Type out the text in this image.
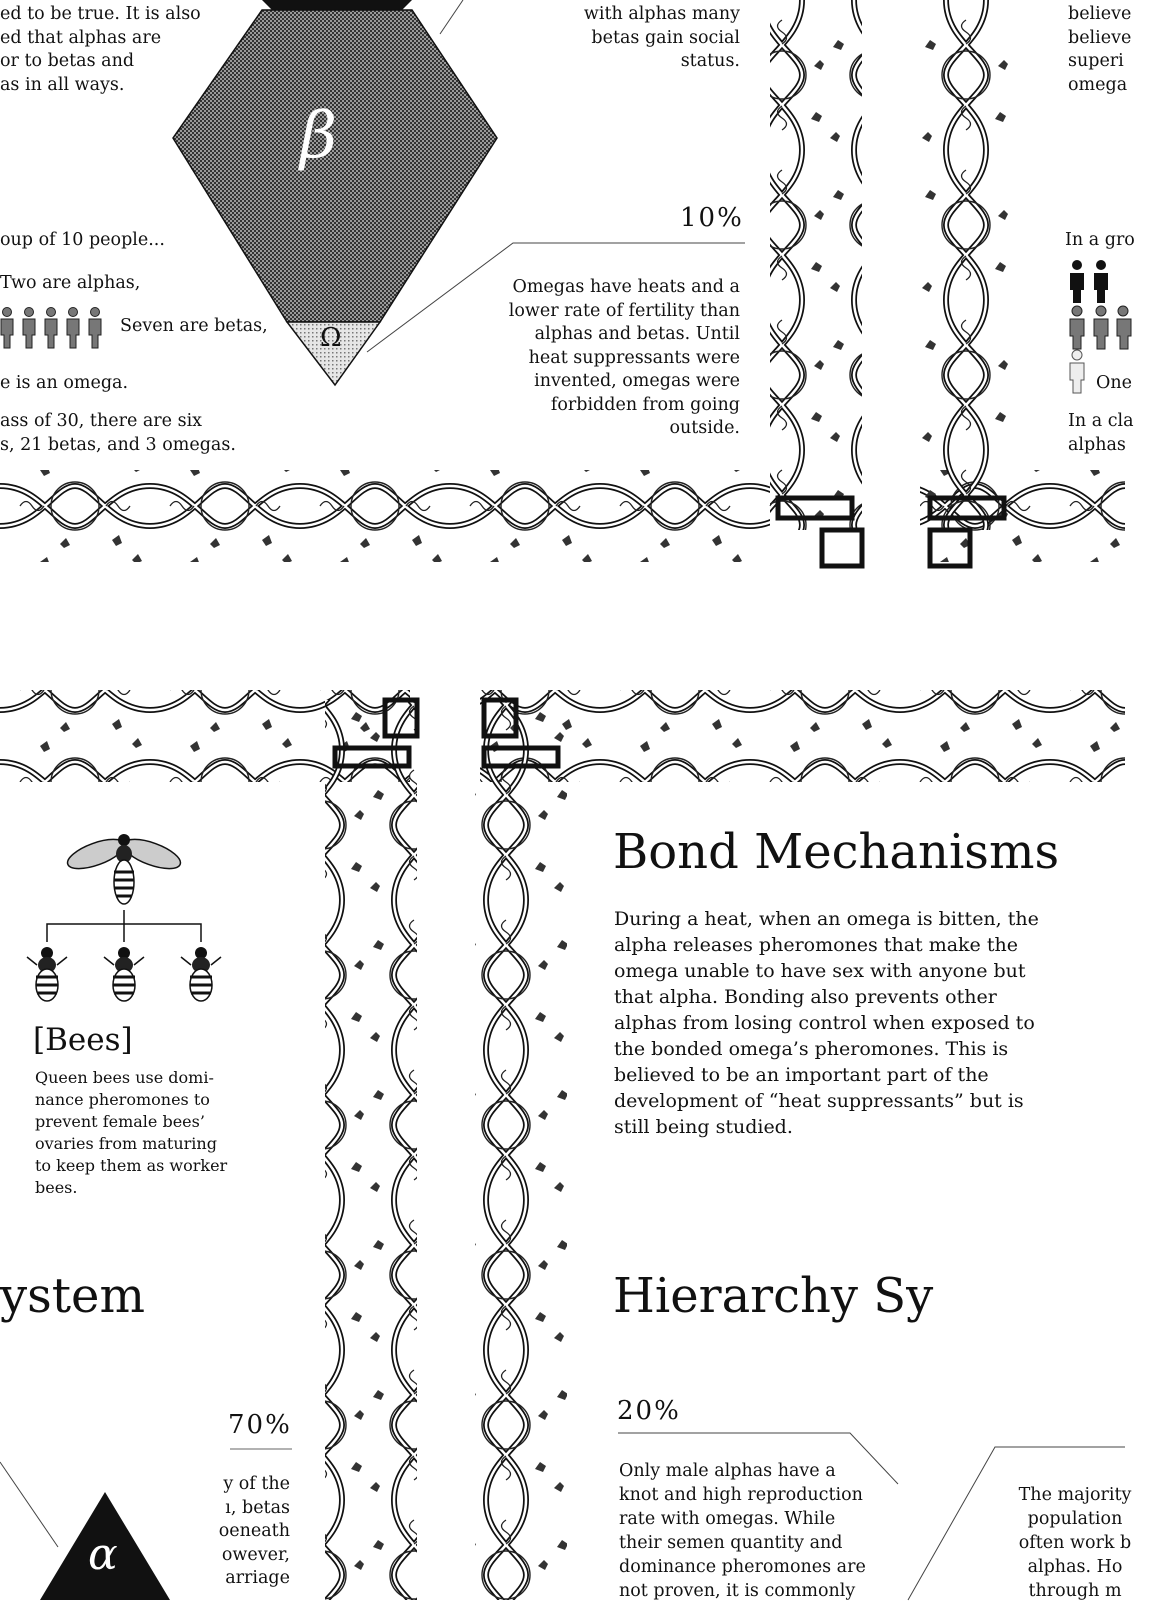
β
Ω
α
ed to be true. It is also
ed that alphas are
or to betas and
as in all ways.
oup of 10 people...
Two are alphas,
Seven are betas,
e is an omega.
ass of 30, there are six
s, 21 betas, and 3 omegas.
with alphas many
betas gain social
status.
10%
Omegas have heats and a
lower rate of fertility than
alphas and betas. Until
heat suppressants were
invented, omegas were
forbidden from going
outside.
believe
believe
superi
omega
In a gro
One
In a cla
alphas
[Bees]
Queen bees use domi-
nance pheromones to
prevent female bees’
ovaries from maturing
to keep them as worker
bees.
ystem
70%
y of the
ı, betas
oeneath
owever,
arriage
Bond Mechanisms
During a heat, when an omega is bitten, the
alpha releases pheromones that make the
omega unable to have sex with anyone but
that alpha. Bonding also prevents other
alphas from losing control when exposed to
the bonded omega’s pheromones. This is
believed to be an important part of the
development of “heat suppressants” but is
still being studied.
Hierarchy Sy
20%
Only male alphas have a
knot and high reproduction
rate with omegas. While
their semen quantity and
dominance pheromones are
not proven, it is commonly
The majority
population
often work b
alphas. Ho
through m
